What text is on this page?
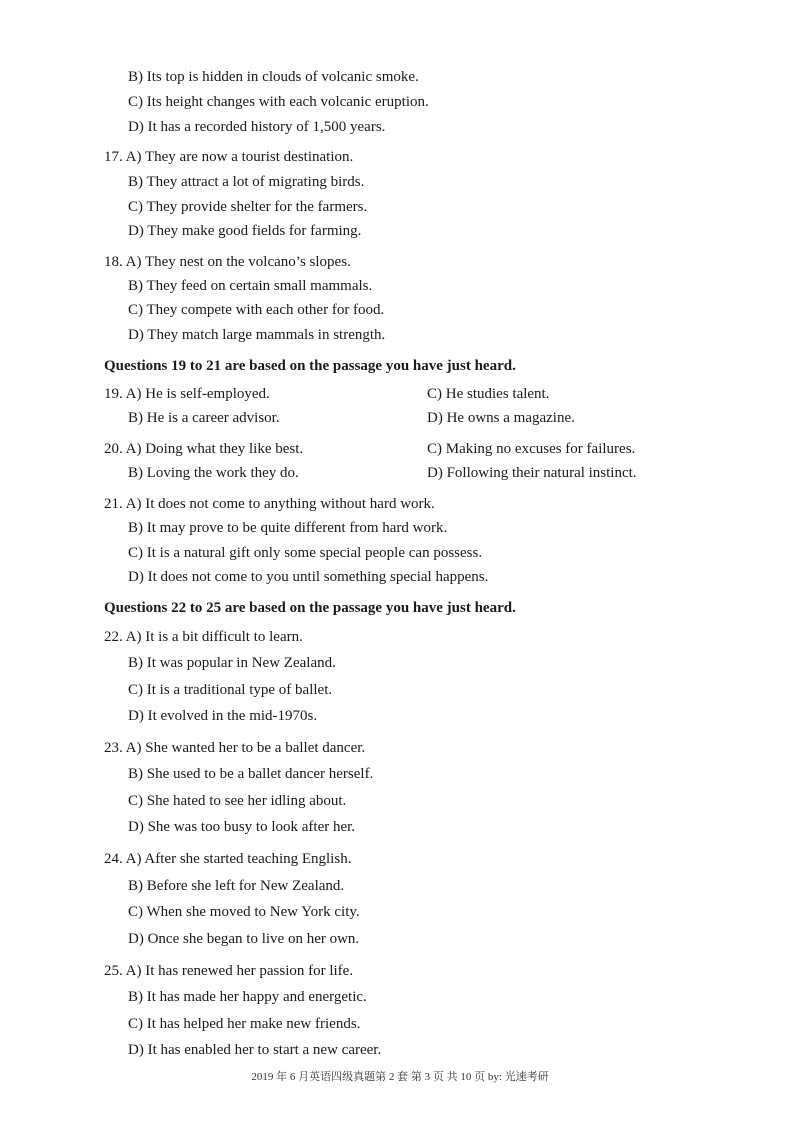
B) Its top is hidden in clouds of volcanic smoke.
C) Its height changes with each volcanic eruption.
D) It has a recorded history of 1,500 years.
17. A) They are now a tourist destination.
B) They attract a lot of migrating birds.
C) They provide shelter for the farmers.
D) They make good fields for farming.
18. A) They nest on the volcano’s slopes.
B) They feed on certain small mammals.
C) They compete with each other for food.
D) They match large mammals in strength.
Questions 19 to 21 are based on the passage you have just heard.
19. A) He is self-employed.	C) He studies talent.
B) He is a career advisor.	D) He owns a magazine.
20. A) Doing what they like best.	C) Making no excuses for failures.
B) Loving the work they do.	D) Following their natural instinct.
21. A) It does not come to anything without hard work.
B) It may prove to be quite different from hard work.
C) It is a natural gift only some special people can possess.
D) It does not come to you until something special happens.
Questions 22 to 25 are based on the passage you have just heard.
22. A) It is a bit difficult to learn.
B) It was popular in New Zealand.
C) It is a traditional type of ballet.
D) It evolved in the mid-1970s.
23. A) She wanted her to be a ballet dancer.
B) She used to be a ballet dancer herself.
C) She hated to see her idling about.
D) She was too busy to look after her.
24. A) After she started teaching English.
B) Before she left for New Zealand.
C) When she moved to New York city.
D) Once she began to live on her own.
25. A) It has renewed her passion for life.
B) It has made her happy and energetic.
C) It has helped her make new friends.
D) It has enabled her to start a new career.
2019 年 6 月英语四级真题第 2 套 第 3 页 共 10 页 by: 光速考研
